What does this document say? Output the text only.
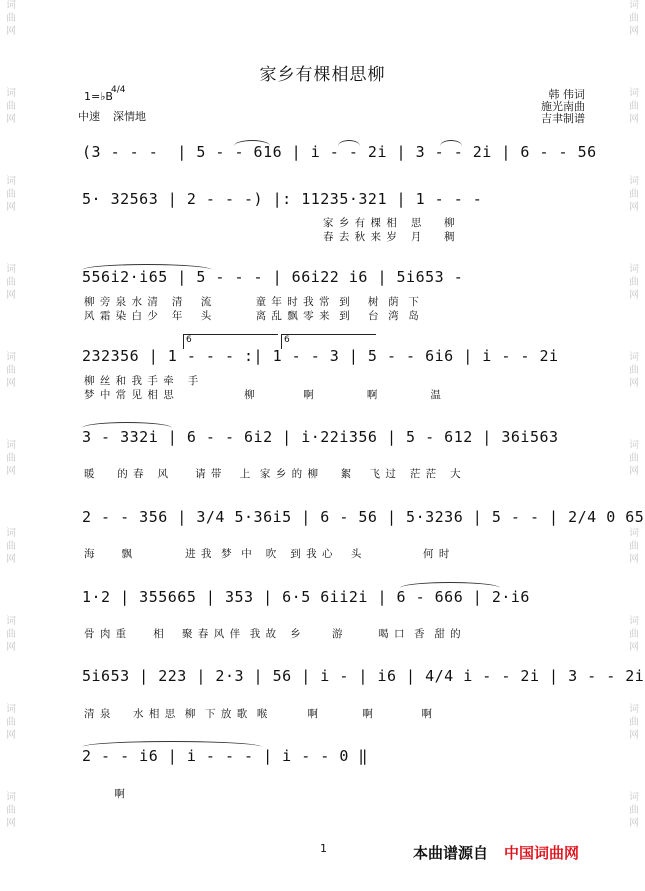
词
曲
网
词
曲
网
词
曲
网
词
曲
网
词
曲
网
词
曲
网
词
曲
网
词
曲
网
词
曲
网
词
曲
网
词
曲
网
词
曲
网
词
曲
网
词
曲
网
词
曲
网
词
曲
网
词
曲
网
词
曲
网
词
曲
网
词
曲
网
家乡有棵相思柳
1=♭B
4/4
中速 深情地
韩 伟词
施光南曲
吉聿制谱
(3 - - -  | 5 - - 616 | i - - 2i | 3 - - 2i | 6 - - 56
5· 32563 | 2 - - -) |: 11235·321 | 1 - - -
家 乡 有 棵 相   思     柳
春 去 秋 来 岁   月     稠
556i2·i65 | 5 - - - | 66i22 i6 | 5i653 -
柳 旁 泉 水 清   清    流          童 年 时 我 常  到    树  荫  下
风 霜 染 白 少   年    头          离 乱 飘 零 来  到    台  湾  岛
6	6
232356 | 1 - - - :| 1 - - 3 | 5 - - 6i6 | i - - 2i
柳 丝 和 我 手 牵   手
梦 中 常 见 相 思                柳           啊            啊            温
3 - 332i | 6 - - 6i2 | i·22i356 | 5 - 612 | 36i563
暖     的 春   风      请 带    上  家 乡 的 柳     絮    飞 过   茫 茫   大
2 - - 356 | 3/4 5·36i5 | 6 - 56 | 5·3236 | 5 - - | 2/4 0 65
海      飘            进 我  梦  中   吹   到 我 心    头              何 时
1·2 | 355665 | 353 | 6·5 6ii2i | 6 - 666 | 2·i6
骨 肉 重      相    聚 春 风 伴  我 故   乡       游        喝 口  香  甜 的
5i653 | 223 | 2·3 | 56 | i - | i6 | 4/4 i - - 2i | 3 - - 2i
清 泉     水 相 思  柳  下 放 歌  喉         啊          啊           啊
2 - - i6 | i - - - | i - - 0 ‖
啊
1	本曲谱源自 中国词曲网
